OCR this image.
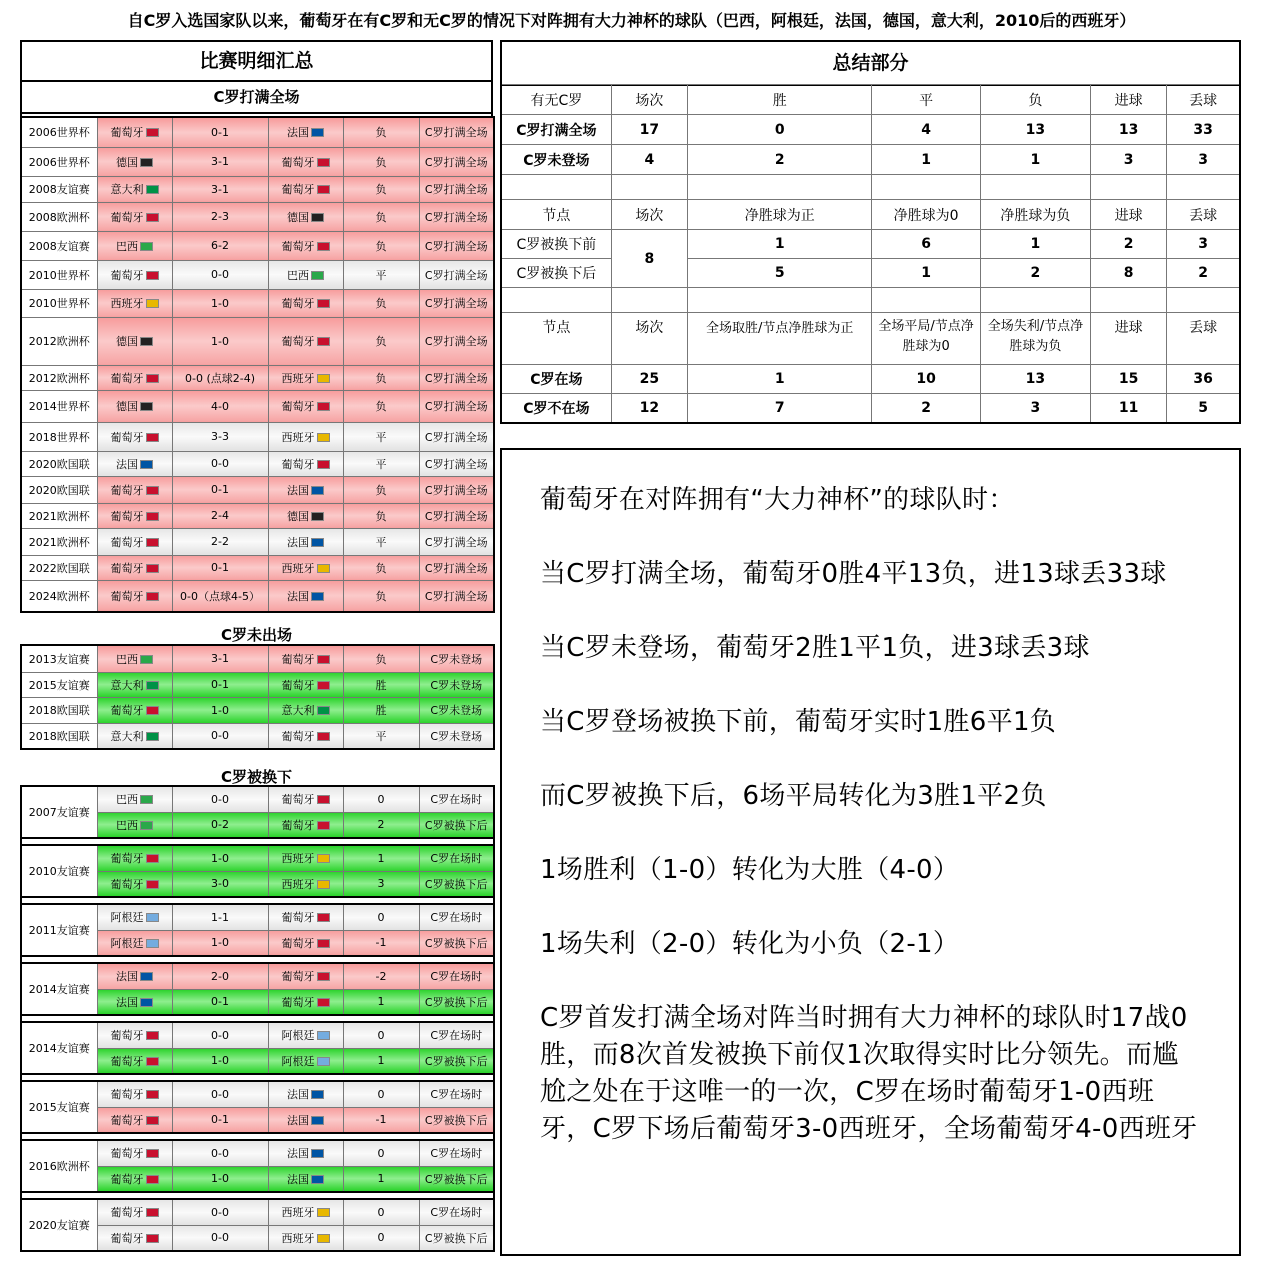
自C罗入选国家队以来，葡萄牙在有C罗和无C罗的情况下对阵拥有大力神杯的球队（巴西，阿根廷，法国，德国，意大利，2010后的西班牙）
比赛明细汇总
C罗打满全场
2006世界杯	葡萄牙	0-1	法国	负	C罗打满全场
2006世界杯	德国	3-1	葡萄牙	负	C罗打满全场
2008友谊赛	意大利	3-1	葡萄牙	负	C罗打满全场
2008欧洲杯	葡萄牙	2-3	德国	负	C罗打满全场
2008友谊赛	巴西	6-2	葡萄牙	负	C罗打满全场
2010世界杯	葡萄牙	0-0	巴西	平	C罗打满全场
2010世界杯	西班牙	1-0	葡萄牙	负	C罗打满全场
2012欧洲杯	德国	1-0	葡萄牙	负	C罗打满全场
2012欧洲杯	葡萄牙	0-0 (点球2-4)	西班牙	负	C罗打满全场
2014世界杯	德国	4-0	葡萄牙	负	C罗打满全场
2018世界杯	葡萄牙	3-3	西班牙	平	C罗打满全场
2020欧国联	法国	0-0	葡萄牙	平	C罗打满全场
2020欧国联	葡萄牙	0-1	法国	负	C罗打满全场
2021欧洲杯	葡萄牙	2-4	德国	负	C罗打满全场
2021欧洲杯	葡萄牙	2-2	法国	平	C罗打满全场
2022欧国联	葡萄牙	0-1	西班牙	负	C罗打满全场
2024欧洲杯	葡萄牙	0-0（点球4-5）	法国	负	C罗打满全场
C罗未出场
2013友谊赛	巴西	3-1	葡萄牙	负	C罗未登场
2015友谊赛	意大利	0-1	葡萄牙	胜	C罗未登场
2018欧国联	葡萄牙	1-0	意大利	胜	C罗未登场
2018欧国联	意大利	0-0	葡萄牙	平	C罗未登场
C罗被换下
2007友谊赛	巴西	0-0	葡萄牙	0	C罗在场时
	巴西	0-2	葡萄牙	2	C罗被换下后

2010友谊赛	葡萄牙	1-0	西班牙	1	C罗在场时
	葡萄牙	3-0	西班牙	3	C罗被换下后

2011友谊赛	阿根廷	1-1	葡萄牙	0	C罗在场时
	阿根廷	1-0	葡萄牙	-1	C罗被换下后

2014友谊赛	法国	2-0	葡萄牙	-2	C罗在场时
	法国	0-1	葡萄牙	1	C罗被换下后

2014友谊赛	葡萄牙	0-0	阿根廷	0	C罗在场时
	葡萄牙	1-0	阿根廷	1	C罗被换下后

2015友谊赛	葡萄牙	0-0	法国	0	C罗在场时
	葡萄牙	0-1	法国	-1	C罗被换下后

2016欧洲杯	葡萄牙	0-0	法国	0	C罗在场时
	葡萄牙	1-0	法国	1	C罗被换下后

2020友谊赛	葡萄牙	0-0	西班牙	0	C罗在场时
	葡萄牙	0-0	西班牙	0	C罗被换下后
总结部分
有无C罗	场次	胜	平	负	进球	丢球
C罗打满全场	17	0	4	13	13	33
C罗未登场	4	2	1	1	3	3

节点	场次	净胜球为正	净胜球为0	净胜球为负	进球	丢球
C罗被换下前	8	1	6	1	2	3
C罗被换下后		5	1	2	8	2

节点	场次	全场取胜/节点净胜球为正	全场平局/节点净胜球为0	全场失利/节点净胜球为负	进球	丢球
C罗在场	25	1	10	13	15	36
C罗不在场	12	7	2	3	11	5

葡萄牙在对阵拥有“大力神杯”的球队时：

当C罗打满全场，葡萄牙0胜4平13负，进13球丢33球

当C罗未登场，葡萄牙2胜1平1负，进3球丢3球

当C罗登场被换下前，葡萄牙实时1胜6平1负

而C罗被换下后，6场平局转化为3胜1平2负

1场胜利（1-0）转化为大胜（4-0）

1场失利（2-0）转化为小负（2-1）

C罗首发打满全场对阵当时拥有大力神杯的球队时17战0胜，而8次首发被换下前仅1次取得实时比分领先。而尴尬之处在于这唯一的一次，C罗在场时葡萄牙1-0西班牙，C罗下场后葡萄牙3-0西班牙，全场葡萄牙4-0西班牙
